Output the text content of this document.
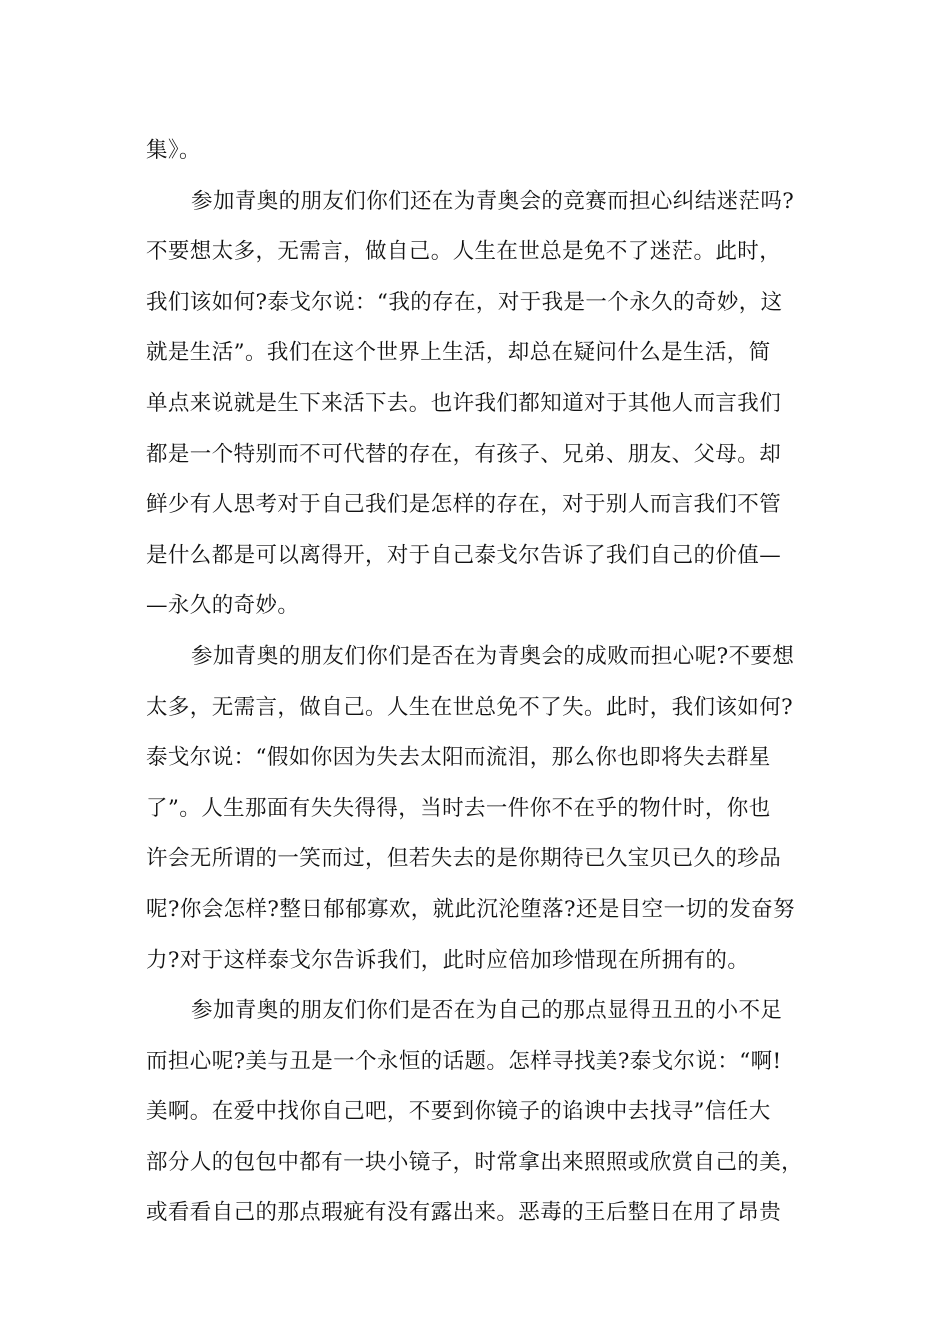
集》。
参加青奥的朋友们你们还在为青奥会的竞赛而担心纠结迷茫吗?
不要想太多，无需言，做自己。人生在世总是免不了迷茫。此时，
我们该如何?泰戈尔说：“我的存在，对于我是一个永久的奇妙，这
就是生活”。我们在这个世界上生活，却总在疑问什么是生活，简
单点来说就是生下来活下去。也许我们都知道对于其他人而言我们
都是一个特别而不可代替的存在，有孩子、兄弟、朋友、父母。却
鲜少有人思考对于自己我们是怎样的存在，对于别人而言我们不管
是什么都是可以离得开，对于自己泰戈尔告诉了我们自己的价值—
—永久的奇妙。
参加青奥的朋友们你们是否在为青奥会的成败而担心呢?不要想
太多，无需言，做自己。人生在世总免不了失。此时，我们该如何?
泰戈尔说：“假如你因为失去太阳而流泪，那么你也即将失去群星
了”。人生那面有失失得得，当时去一件你不在乎的物什时，你也
许会无所谓的一笑而过，但若失去的是你期待已久宝贝已久的珍品
呢?你会怎样?整日郁郁寡欢，就此沉沦堕落?还是目空一切的发奋努
力?对于这样泰戈尔告诉我们，此时应倍加珍惜现在所拥有的。
参加青奥的朋友们你们是否在为自己的那点显得丑丑的小不足
而担心呢?美与丑是一个永恒的话题。怎样寻找美?泰戈尔说：“啊!
美啊。在爱中找你自己吧，不要到你镜子的谄谀中去找寻”信任大
部分人的包包中都有一块小镜子，时常拿出来照照或欣赏自己的美，
或看看自己的那点瑕疵有没有露出来。恶毒的王后整日在用了昂贵
